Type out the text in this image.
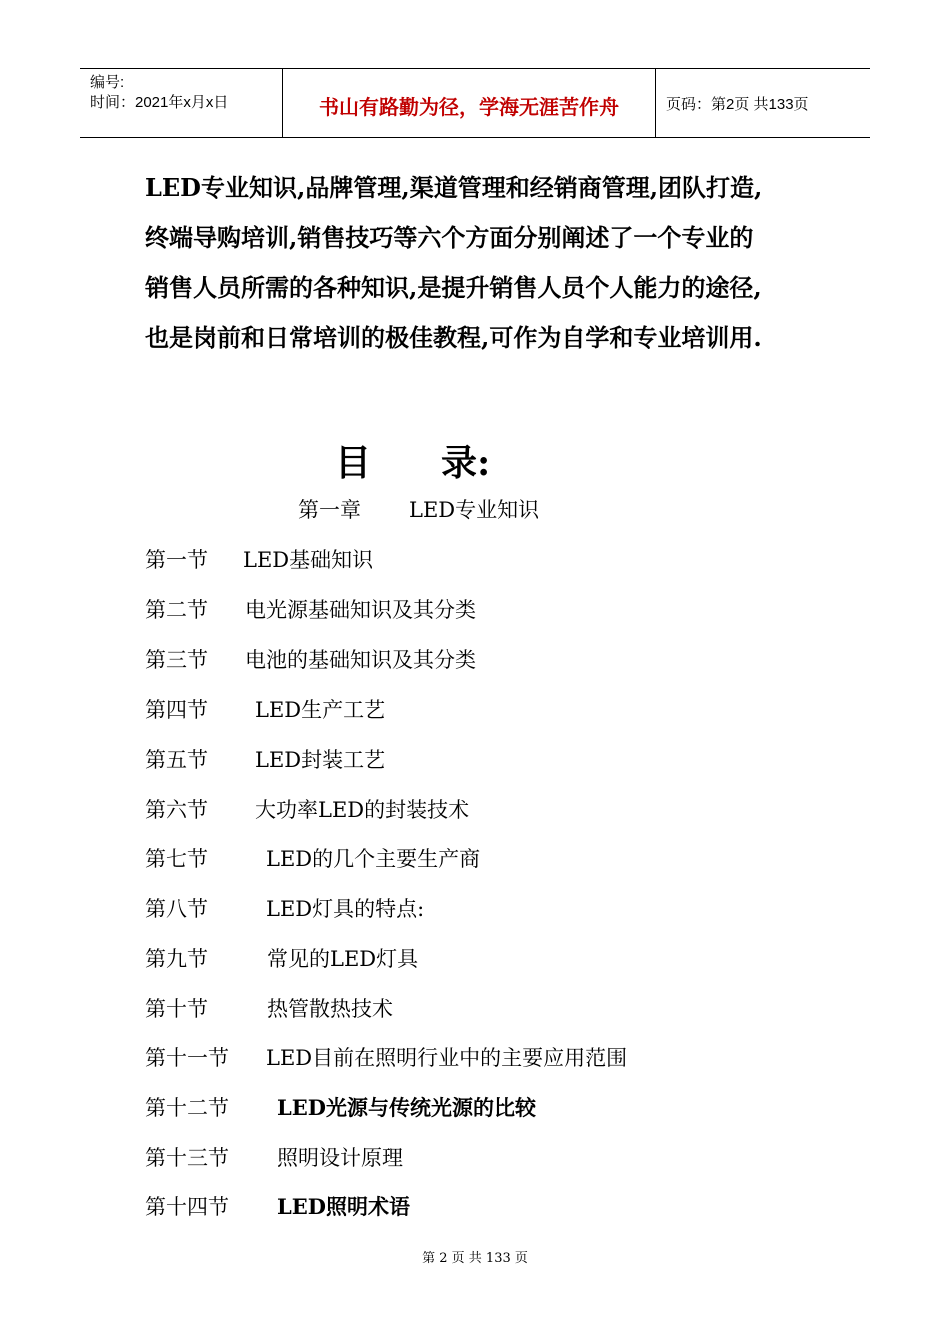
编号:
时间：2021年x月x日	书山有路勤为径，学海无涯苦作舟	页码：第2页 共133页
LED专业知识,品牌管理,渠道管理和经销商管理,团队打造,
终端导购培训,销售技巧等六个方面分别阐述了一个专业的
销售人员所需的各种知识,是提升销售人员个人能力的途径,
也是岗前和日常培训的极佳教程,可作为自学和专业培训用.
目 录:
第一章 LED专业知识
第一节 LED基础知识
第二节 电光源基础知识及其分类
第三节 电池的基础知识及其分类
第四节 LED生产工艺
第五节 LED封装工艺
第六节 大功率LED的封装技术
第七节	LED的几个主要生产商
第八节	LED灯具的特点:
第九节	常见的LED灯具
第十节	热管散热技术
第十一节 LED目前在照明行业中的主要应用范围
第十二节 LED光源与传统光源的比较
第十三节 照明设计原理
第十四节 LED照明术语
第 2 页 共 133 页
